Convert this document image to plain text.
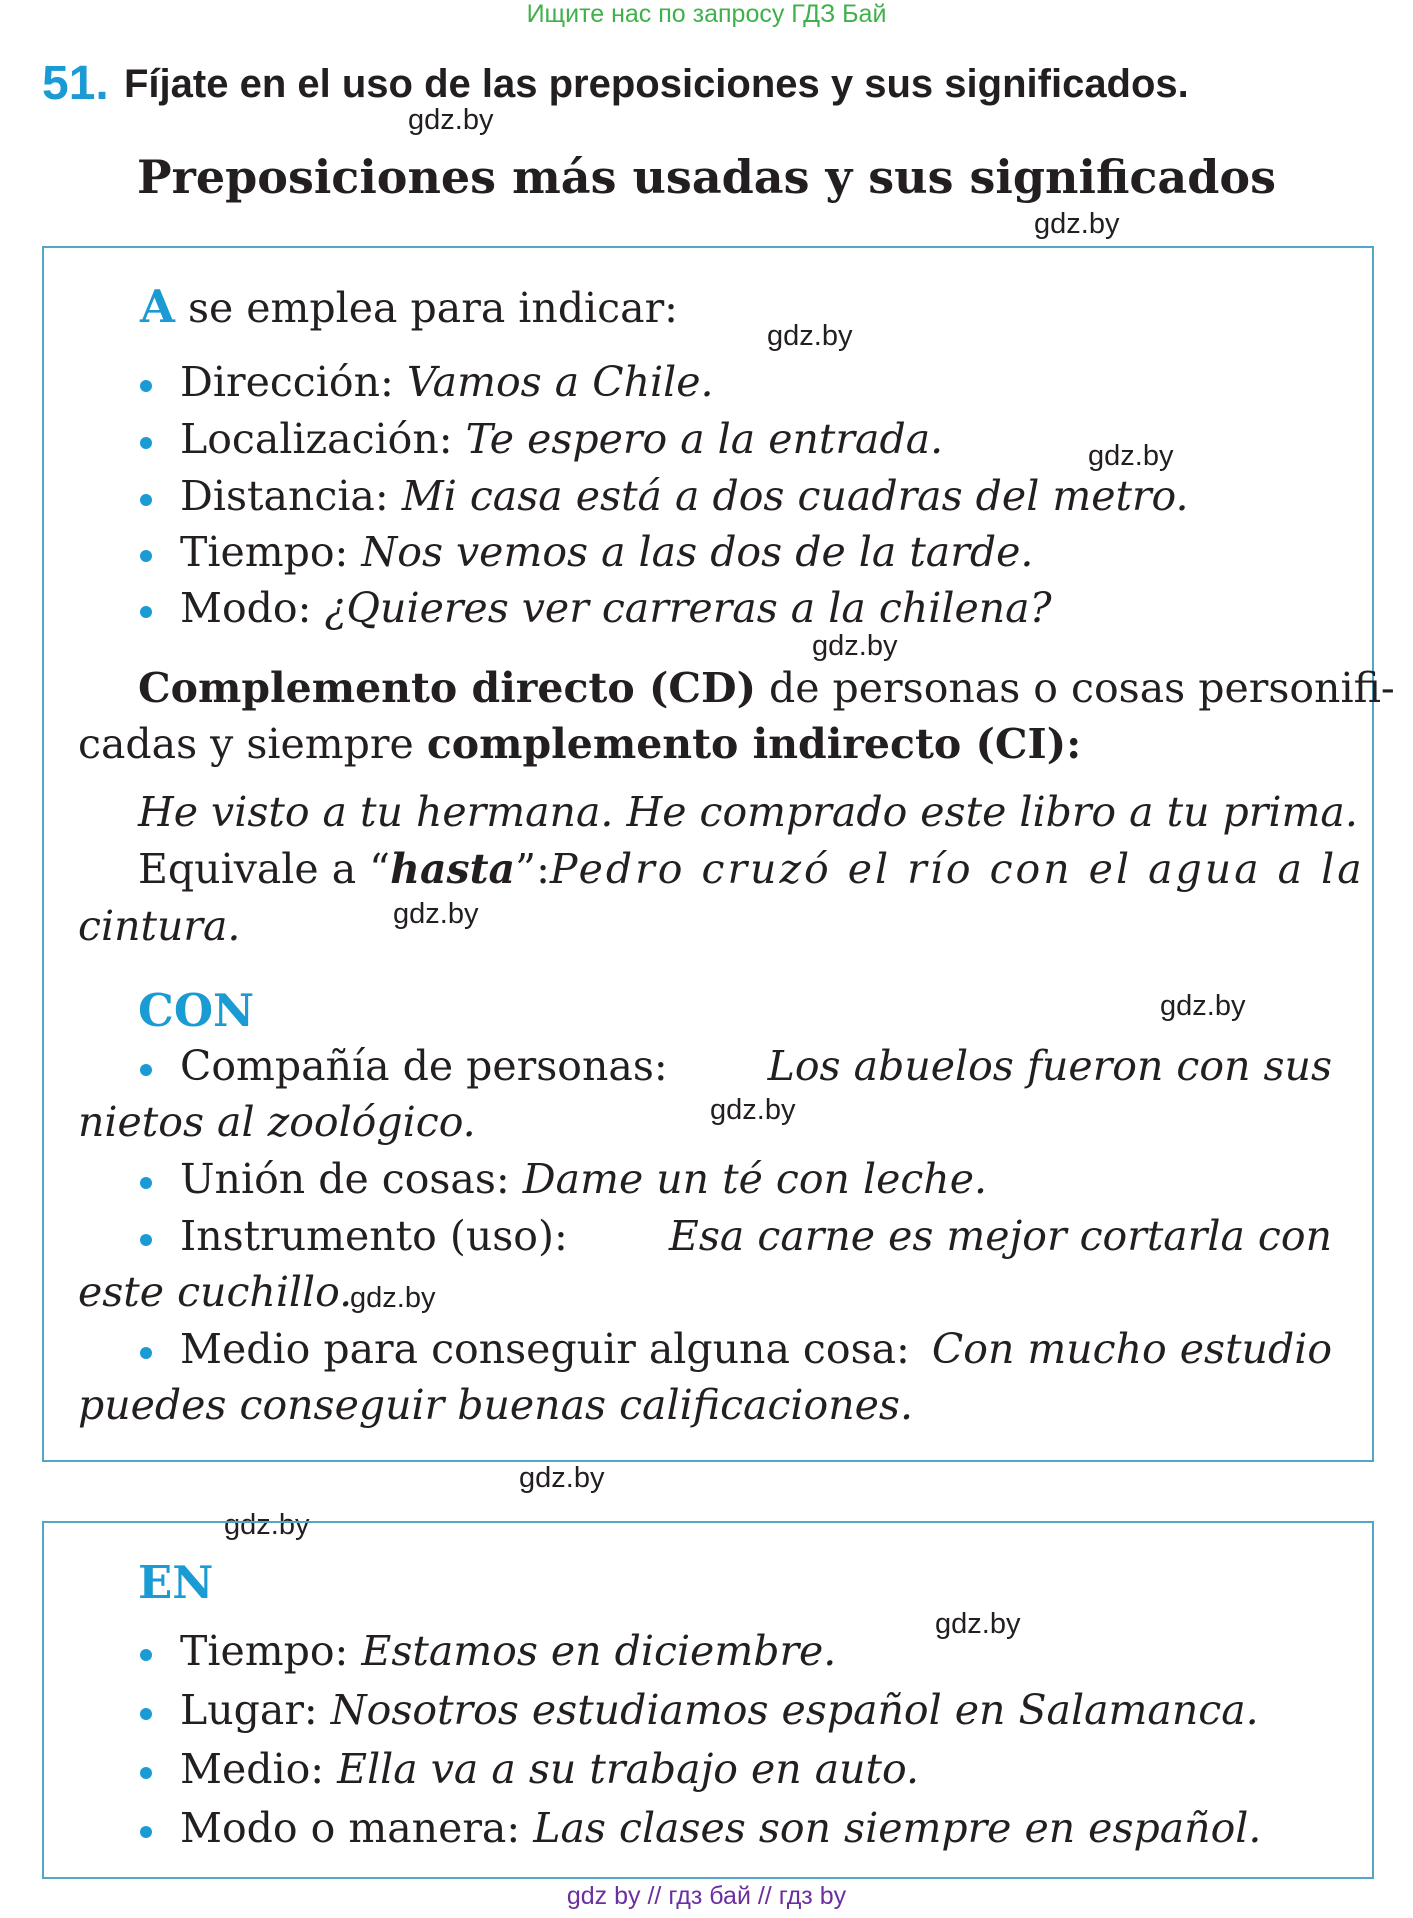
Ищите нас по запросу ГДЗ Бай
51. Fíjate en el uso de las preposiciones y sus significados.
gdz.by
Preposiciones más usadas y sus significados
gdz.by
A se emplea para indicar:
gdz.by
Dirección: Vamos a Chile.
Localización: Te espero a la entrada.	gdz.by
Distancia: Mi casa está a dos cuadras del metro.
Tiempo: Nos vemos a las dos de la tarde.
Modo: ¿Quieres ver carreras a la chilena?
gdz.by
Complemento directo (CD) de personas o cosas personifi-
cadas y siempre complemento indirecto (CI):
He visto a tu hermana. He comprado este libro a tu prima.
Equivale a “hasta”: Pedro cruzó el río con el agua a la
cintura.	gdz.by
CON	gdz.by
Compañía de personas: Los abuelos fueron con sus
nietos al zoológico.	gdz.by
Unión de cosas: Dame un té con leche.
Instrumento (uso): Esa carne es mejor cortarla con
este cuchillo.
gdz.by
Medio para conseguir alguna cosa: Con mucho estudio
puedes conseguir buenas calificaciones.
gdz.by
gdz.by
EN
gdz.by
Tiempo: Estamos en diciembre.
Lugar: Nosotros estudiamos español en Salamanca.
Medio: Ella va a su trabajo en auto.
Modo o manera: Las clases son siempre en español.
gdz by // гдз бай // гдз by
